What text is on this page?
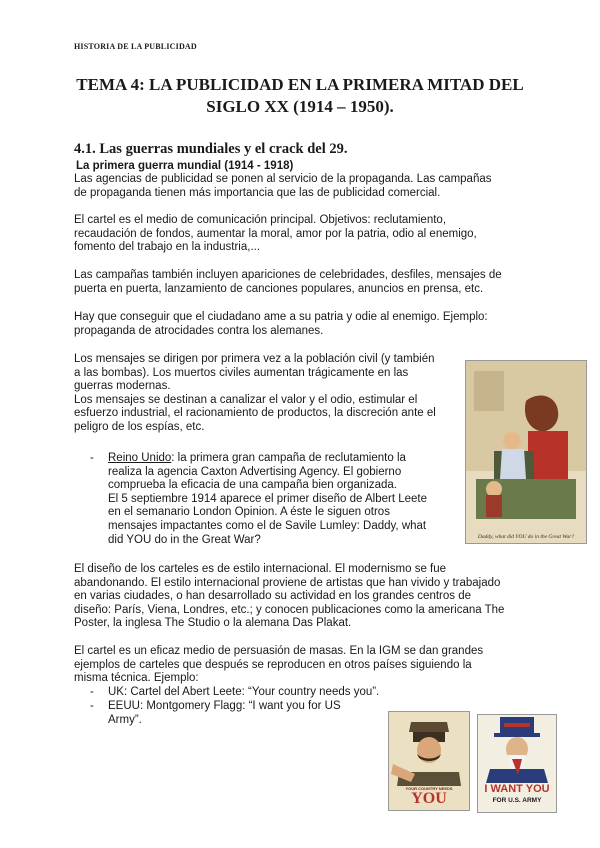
HISTORIA DE LA PUBLICIDAD
TEMA 4: LA PUBLICIDAD EN LA PRIMERA MITAD DEL
SIGLO XX (1914 – 1950).
4.1. Las guerras mundiales y el crack del 29.
La primera guerra mundial (1914 - 1918)
Las agencias de publicidad se ponen al servicio de la propaganda. Las campañas
de propaganda tienen más importancia que las de publicidad comercial.
El cartel es el medio de comunicación principal. Objetivos: reclutamiento,
recaudación de fondos, aumentar la moral, amor por la patria, odio al enemigo,
fomento del trabajo en la industria,...
Las campañas también incluyen apariciones de celebridades, desfiles, mensajes de
puerta en puerta, lanzamiento de canciones populares, anuncios en prensa, etc.
Hay que conseguir que el ciudadano ame a su patria y odie al enemigo. Ejemplo:
propaganda de atrocidades contra los alemanes.
Los mensajes se dirigen por primera vez a la población civil (y también
a las bombas). Los muertos civiles aumentan trágicamente en las
guerras modernas.
Los mensajes se destinan a canalizar el valor y el odio, estimular el
esfuerzo industrial, el racionamiento de productos, la discreción ante el
peligro de los espías, etc.
- Reino Unido: la primera gran campaña de reclutamiento la
realiza la agencia Caxton Advertising Agency. El gobierno
comprueba la eficacia de una campaña bien organizada.
El 5 septiembre 1914 aparece el primer diseño de Albert Leete
en el semanario London Opinion. A éste le siguen otros
mensajes impactantes como el de Savile Lumley: Daddy, what
did YOU do in the Great War?	Daddy, what did YOU do in the Great War?
El diseño de los carteles es de estilo internacional. El modernismo se fue
abandonando. El estilo internacional proviene de artistas que han vivido y trabajado
en varias ciudades, o han desarrollado su actividad en los grandes centros de
diseño: París, Viena, Londres, etc.; y conocen publicaciones como la americana The
Poster, la inglesa The Studio o la alemana Das Plakat.
El cartel es un eficaz medio de persuasión de masas. En la IGM se dan grandes
ejemplos de carteles que después se reproducen en otros países siguiendo la
misma técnica. Ejemplo:
- UK: Cartel del Abert Leete: “Your country needs you”.
- EEUU: Montgomery Flagg: “I want you for US
Army”.
YOUR COUNTRY NEEDS
YOU
I WANT YOU
FOR U.S. ARMY
